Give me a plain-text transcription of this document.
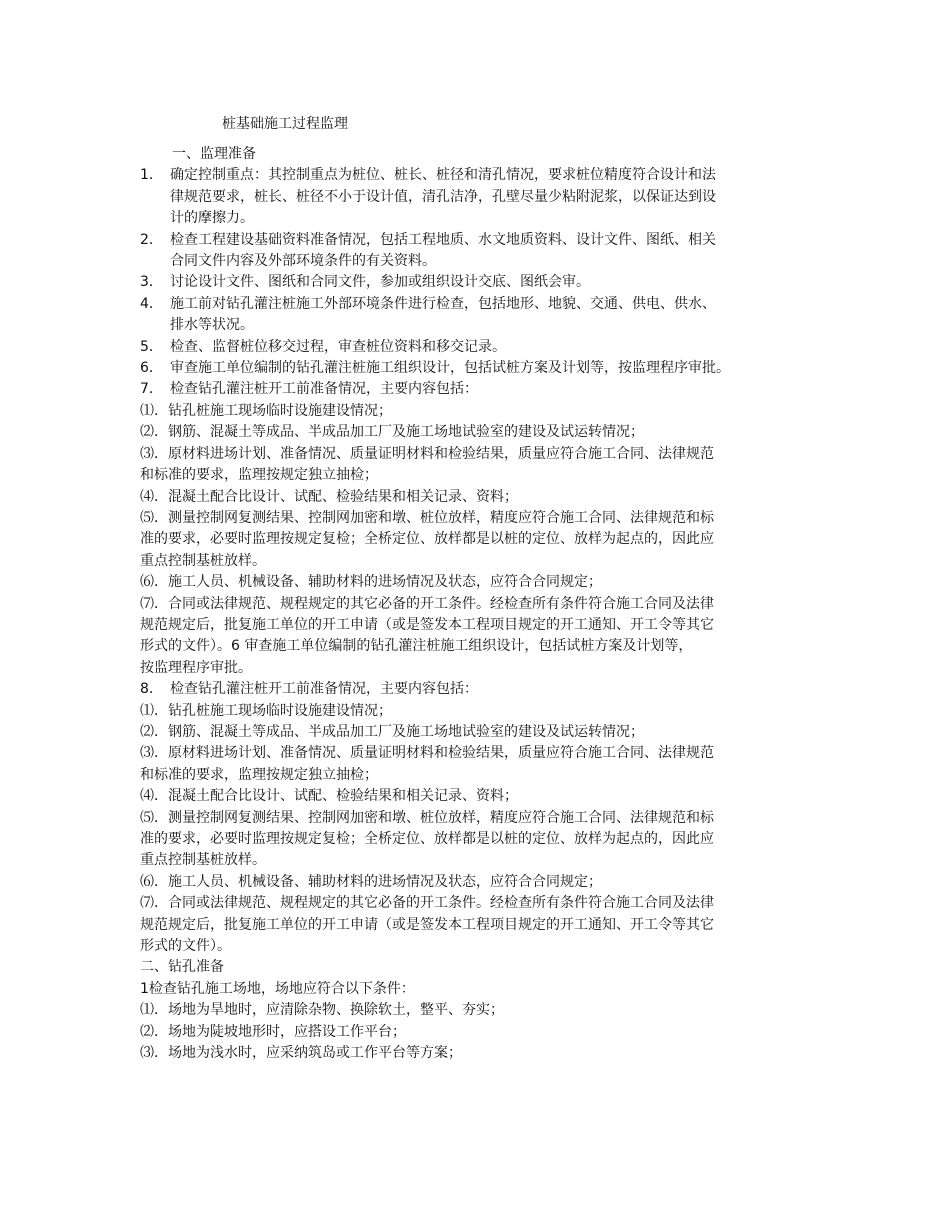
桩基础施工过程监理
一、监理准备
1． 确定控制重点：其控制重点为桩位、桩长、桩径和清孔情况，要求桩位精度符合设计和法
律规范要求，桩长、桩径不小于设计值，清孔洁净，孔壁尽量少粘附泥浆，以保证达到设
计的摩擦力。
2． 检查工程建设基础资料准备情况，包括工程地质、水文地质资料、设计文件、图纸、相关
合同文件内容及外部环境条件的有关资料。
3． 讨论设计文件、图纸和合同文件，参加或组织设计交底、图纸会审。
4． 施工前对钻孔灌注桩施工外部环境条件进行检查，包括地形、地貌、交通、供电、供水、
排水等状况。
5． 检查、监督桩位移交过程，审查桩位资料和移交记录。
6． 审查施工单位编制的钻孔灌注桩施工组织设计，包括试桩方案及计划等，按监理程序审批。
7． 检查钻孔灌注桩开工前准备情况，主要内容包括：
⑴．钻孔桩施工现场临时设施建设情况；
⑵．钢筋、混凝土等成品、半成品加工厂及施工场地试验室的建设及试运转情况；
⑶．原材料进场计划、准备情况、质量证明材料和检验结果，质量应符合施工合同、法律规范
和标准的要求，监理按规定独立抽检；
⑷．混凝土配合比设计、试配、检验结果和相关记录、资料；
⑸．测量控制网复测结果、控制网加密和墩、桩位放样，精度应符合施工合同、法律规范和标
准的要求，必要时监理按规定复检；全桥定位、放样都是以桩的定位、放样为起点的，因此应
重点控制基桩放样。
⑹．施工人员、机械设备、辅助材料的进场情况及状态，应符合合同规定；
⑺．合同或法律规范、规程规定的其它必备的开工条件。经检查所有条件符合施工合同及法律
规范规定后，批复施工单位的开工申请（或是签发本工程项目规定的开工通知、开工令等其它
形式的文件）。6 审查施工单位编制的钻孔灌注桩施工组织设计，包括试桩方案及计划等，
按监理程序审批。
8． 检查钻孔灌注桩开工前准备情况，主要内容包括：
⑴．钻孔桩施工现场临时设施建设情况；
⑵．钢筋、混凝土等成品、半成品加工厂及施工场地试验室的建设及试运转情况；
⑶．原材料进场计划、准备情况、质量证明材料和检验结果，质量应符合施工合同、法律规范
和标准的要求，监理按规定独立抽检；
⑷．混凝土配合比设计、试配、检验结果和相关记录、资料；
⑸．测量控制网复测结果、控制网加密和墩、桩位放样，精度应符合施工合同、法律规范和标
准的要求，必要时监理按规定复检；全桥定位、放样都是以桩的定位、放样为起点的，因此应
重点控制基桩放样。
⑹．施工人员、机械设备、辅助材料的进场情况及状态，应符合合同规定；
⑺．合同或法律规范、规程规定的其它必备的开工条件。经检查所有条件符合施工合同及法律
规范规定后，批复施工单位的开工申请（或是签发本工程项目规定的开工通知、开工令等其它
形式的文件）。
二、钻孔准备
1检查钻孔施工场地，场地应符合以下条件：
⑴．场地为旱地时，应清除杂物、换除软土，整平、夯实；
⑵．场地为陡坡地形时，应搭设工作平台；
⑶．场地为浅水时，应采纳筑岛或工作平台等方案；
